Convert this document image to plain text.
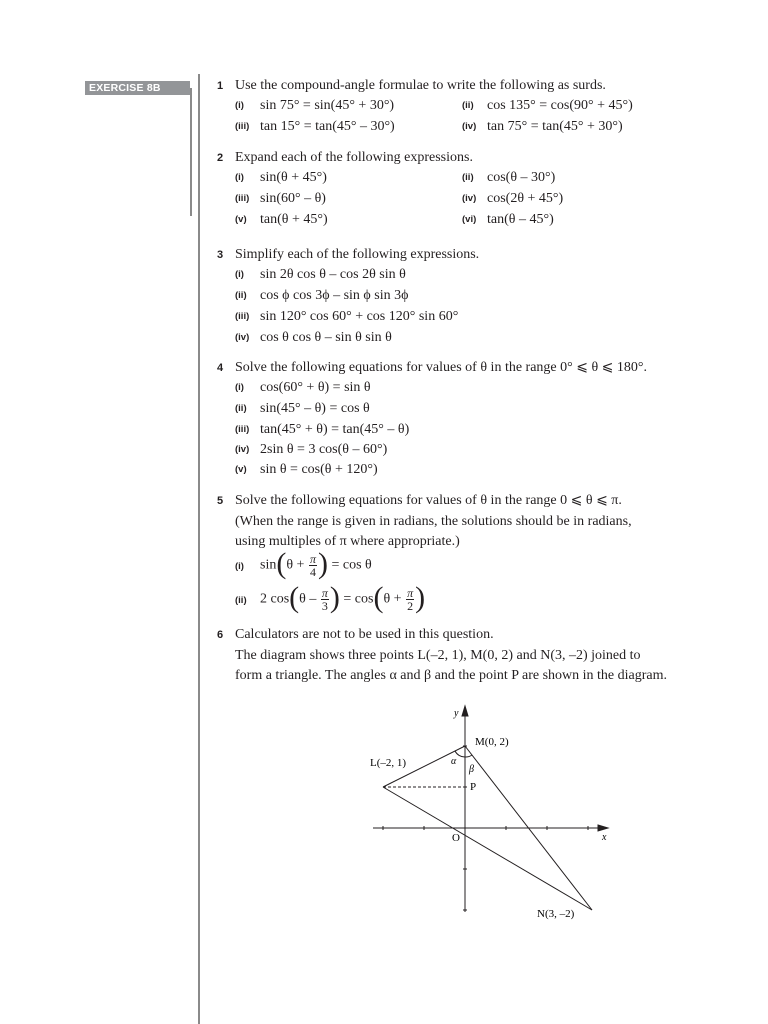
EXERCISE 8B	1 Use the compound-angle formulae to write the following as surds.
(i) sin 75° = sin(45° + 30°)	(ii) cos 135° = cos(90° + 45°)
(iii) tan 15° = tan(45° – 30°)	(iv) tan 75° = tan(45° + 30°)
2 Expand each of the following expressions.
(i) sin(θ + 45°)	(ii) cos(θ – 30°)
(iii) sin(60° – θ)	(iv) cos(2θ + 45°)
(v) tan(θ + 45°)	(vi) tan(θ – 45°)
3 Simplify each of the following expressions.
(i) sin 2θ cos θ – cos 2θ sin θ
(ii) cos ϕ cos 3ϕ – sin ϕ sin 3ϕ
(iii) sin 120° cos 60° + cos 120° sin 60°
(iv) cos θ cos θ – sin θ sin θ
4 Solve the following equations for values of θ in the range 0° ⩽ θ ⩽ 180°.
(i) cos(60° + θ) = sin θ
(ii) sin(45° – θ) = cos θ
(iii) tan(45° + θ) = tan(45° – θ)
(iv) 2sin θ = 3 cos(θ – 60°)
(v) sin θ = cos(θ + 120°)
5 Solve the following equations for values of θ in the range 0 ⩽ θ ⩽ π.
(When the range is given in radians, the solutions should be in radians,
using multiples of π where appropriate.)
(i) $\sin(\theta + \frac{\pi}{4}$ ) = cos θ
(ii) 2 $\cos(\theta - \frac{\pi}{3}$ ) = $\cos(\theta + \frac{\pi}{2}$ )
6 Calculators are not to be used in this question.
The diagram shows three points L(–2, 1), M(0, 2) and N(3, –2) joined to
form a triangle. The angles α and β and the point P are shown in the diagram.
y
x
O
L(–2, 1)
M(0, 2)
N(3, –2)
P
α
β
